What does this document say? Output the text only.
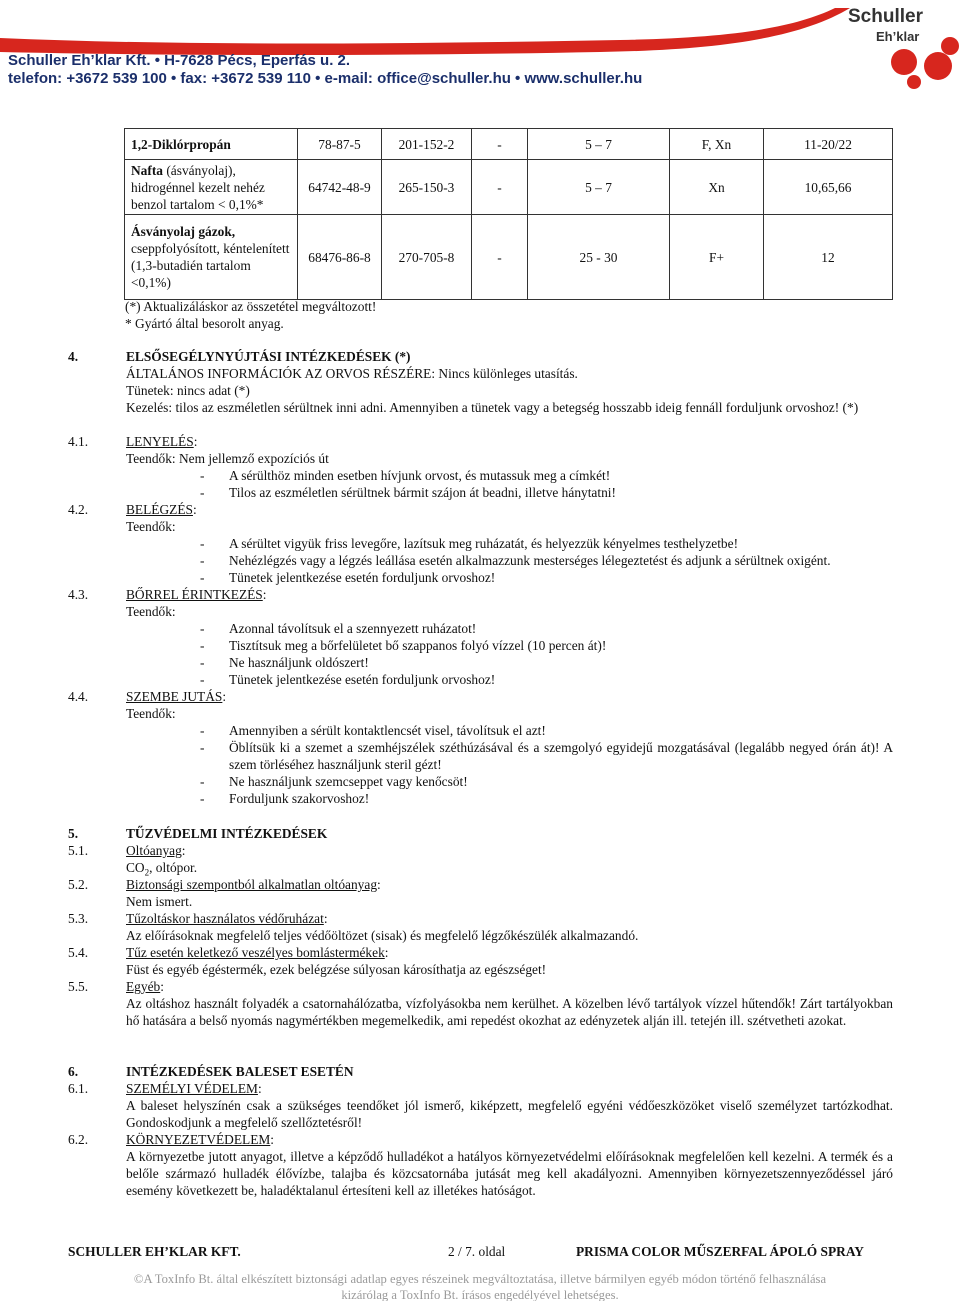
Schuller
Eh’klar
Schuller Eh’klar Kft. • H-7628 Pécs, Eperfás u. 2.
telefon: +3672 539 100 • fax: +3672 539 110 • e-mail: office@schuller.hu • www.schuller.hu
1,2-Diklórpropán	78-87-5	201-152-2	-	5 – 7	F, Xn	11-20/22
Nafta (ásványolaj), hidrogénnel kezelt nehéz benzol tartalom < 0,1%*	64742-48-9	265-150-3	-	5 – 7	Xn	10,65,66
Ásványolaj gázok, cseppfolyósított, kéntelenített (1,3-butadién tartalom <0,1%)	68476-86-8	270-705-8	-	25 - 30	F+	12
(*) Aktualizáláskor az összetétel megváltozott!
* Gyártó által besorolt anyag.
4.	ELSŐSEGÉLYNYÚJTÁSI INTÉZKEDÉSEK (*)
ÁLTALÁNOS INFORMÁCIÓK AZ ORVOS RÉSZÉRE: Nincs különleges utasítás.
Tünetek: nincs adat (*)
Kezelés: tilos az eszméletlen sérültnek inni adni. Amennyiben a tünetek vagy a betegség hosszabb ideig fennáll forduljunk orvoshoz! (*)
4.1.	LENYELÉS:
Teendők: Nem jellemző expozíciós út
- A sérülthöz minden esetben hívjunk orvost, és mutassuk meg a címkét!
- Tilos az eszméletlen sérültnek bármit szájon át beadni, illetve hánytatni!
4.2.	BELÉGZÉS:
Teendők:
- A sérültet vigyük friss levegőre, lazítsuk meg ruházatát, és helyezzük kényelmes testhelyzetbe!
- Nehézlégzés vagy a légzés leállása esetén alkalmazzunk mesterséges lélegeztetést és adjunk a sérültnek oxigént.
- Tünetek jelentkezése esetén forduljunk orvoshoz!
4.3.	BŐRREL ÉRINTKEZÉS:
Teendők:
- Azonnal távolítsuk el a szennyezett ruházatot!
- Tisztítsuk meg a bőrfelületet bő szappanos folyó vízzel (10 percen át)!
- Ne használjunk oldószert!
- Tünetek jelentkezése esetén forduljunk orvoshoz!
4.4.	SZEMBE JUTÁS:
Teendők:
- Amennyiben a sérült kontaktlencsét visel, távolítsuk el azt!
- Öblítsük ki a szemet a szemhéjszélek széthúzásával és a szemgolyó egyidejű mozgatásával (legalább negyed órán át)! A szem törléséhez használjunk steril gézt!
- Ne használjunk szemcseppet vagy kenőcsöt!
- Forduljunk szakorvoshoz!
5.	TŰZVÉDELMI INTÉZKEDÉSEK
5.1.	Oltóanyag:
$CO_2$, oltópor.
5.2.	Biztonsági szempontból alkalmatlan oltóanyag:
Nem ismert.
5.3.	Tűzoltáskor használatos védőruházat:
Az előírásoknak megfelelő teljes védőöltözet (sisak) és megfelelő légzőkészülék alkalmazandó.
5.4.	Tűz esetén keletkező veszélyes bomlástermékek:
Füst és egyéb égéstermék, ezek belégzése súlyosan károsíthatja az egészséget!
5.5.	Egyéb:
Az oltáshoz használt folyadék a csatornahálózatba, vízfolyásokba nem kerülhet. A közelben lévő tartályok vízzel hűtendők! Zárt tartályokban hő hatására a belső nyomás nagymértékben megemelkedik, ami repedést okozhat az edényzetek alján ill. tetején ill. szétvetheti azokat.
6.	INTÉZKEDÉSEK BALESET ESETÉN
6.1.	SZEMÉLYI VÉDELEM:
A baleset helyszínén csak a szükséges teendőket jól ismerő, kiképzett, megfelelő egyéni védőeszközöket viselő személyzet tartózkodhat. Gondoskodjunk a megfelelő szellőztetésről!
6.2.	KÖRNYEZETVÉDELEM:
A környezetbe jutott anyagot, illetve a képződő hulladékot a hatályos környezetvédelmi előírásoknak megfelelően kell kezelni. A termék és a belőle származó hulladék élővízbe, talajba és közcsatornába jutását meg kell akadályozni. Amennyiben környezetszennyeződéssel járó esemény következett be, haladéktalanul értesíteni kell az illetékes hatóságot.
SCHULLER EH’KLAR KFT.	2 / 7. oldal	PRISMA COLOR MŰSZERFAL ÁPOLÓ SPRAY
©A ToxInfo Bt. által elkészített biztonsági adatlap egyes részeinek megváltoztatása, illetve bármilyen egyéb módon történő felhasználása
kizárólag a ToxInfo Bt. írásos engedélyével lehetséges.
